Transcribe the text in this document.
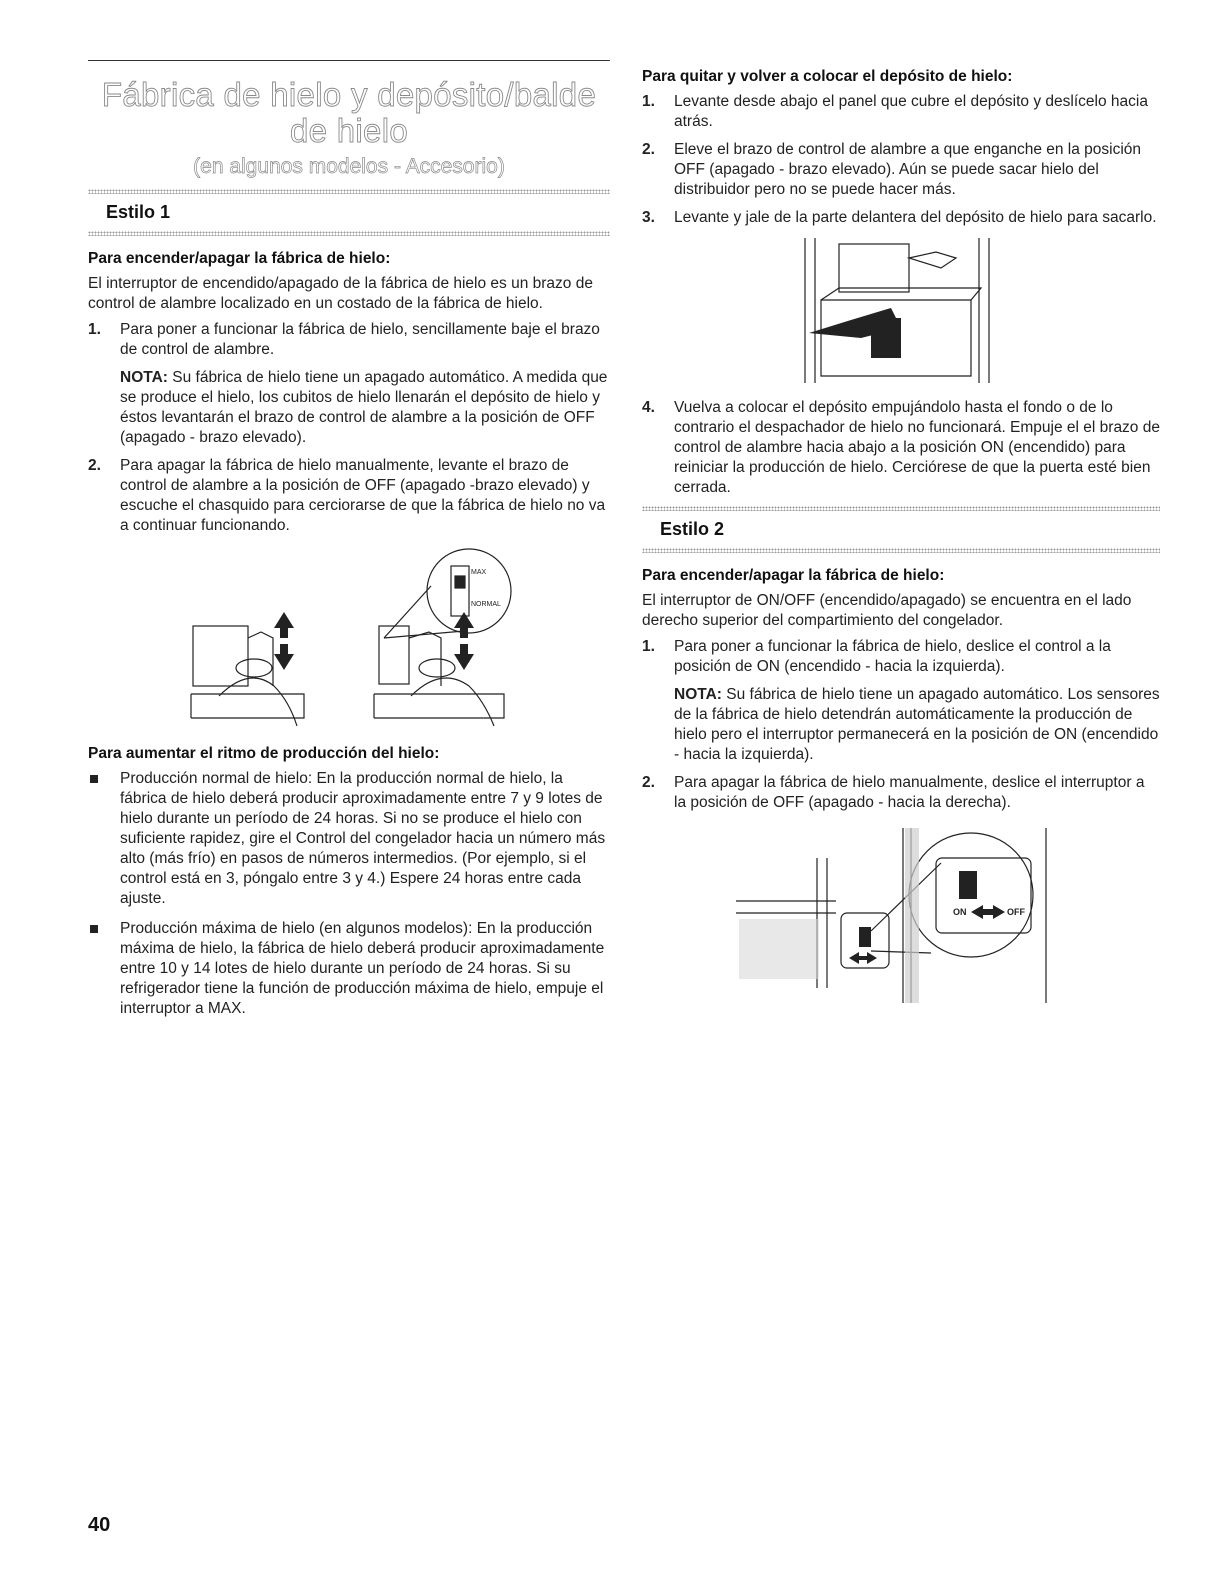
Fábrica de hielo y depósito/balde de hielo
(en algunos modelos - Accesorio)
Estilo 1
Para encender/apagar la fábrica de hielo:

El interruptor de encendido/apagado de la fábrica de hielo es un brazo de control de alambre localizado en un costado de la fábrica de hielo.

1. Para poner a funcionar la fábrica de hielo, sencillamente baje el brazo de control de alambre.
NOTA: Su fábrica de hielo tiene un apagado automático. A medida que se produce el hielo, los cubitos de hielo llenarán el depósito de hielo y éstos levantarán el brazo de control de alambre a la posición de OFF (apagado - brazo elevado).
2. Para apagar la fábrica de hielo manualmente, levante el brazo de control de alambre a la posición de OFF (apagado -brazo elevado) y escuche el chasquido para cerciorarse de que la fábrica de hielo no va a continuar funcionando.
MAX
NORMAL
Para aumentar el ritmo de producción del hielo:
Producción normal de hielo: En la producción normal de hielo, la fábrica de hielo deberá producir aproximadamente entre 7 y 9 lotes de hielo durante un período de 24 horas. Si no se produce el hielo con suficiente rapidez, gire el Control del congelador hacia un número más alto (más frío) en pasos de números intermedios. (Por ejemplo, si el control está en 3, póngalo entre 3 y 4.) Espere 24 horas entre cada ajuste.
Producción máxima de hielo (en algunos modelos): En la producción máxima de hielo, la fábrica de hielo deberá producir aproximadamente entre 10 y 14 lotes de hielo durante un período de 24 horas. Si su refrigerador tiene la función de producción máxima de hielo, empuje el interruptor a MAX.
Para quitar y volver a colocar el depósito de hielo:
1. Levante desde abajo el panel que cubre el depósito y deslícelo hacia atrás.
2. Eleve el brazo de control de alambre a que enganche en la posición OFF (apagado - brazo elevado). Aún se puede sacar hielo del distribuidor pero no se puede hacer más.
3. Levante y jale de la parte delantera del depósito de hielo para sacarlo.
4. Vuelva a colocar el depósito empujándolo hasta el fondo o de lo contrario el despachador de hielo no funcionará. Empuje el el brazo de control de alambre hacia abajo a la posición ON (encendido) para reiniciar la producción de hielo. Cerciórese de que la puerta esté bien cerrada.
Estilo 2
Para encender/apagar la fábrica de hielo:

El interruptor de ON/OFF (encendido/apagado) se encuentra en el lado derecho superior del compartimiento del congelador.

1. Para poner a funcionar la fábrica de hielo, deslice el control a la posición de ON (encendido - hacia la izquierda).
NOTA: Su fábrica de hielo tiene un apagado automático. Los sensores de la fábrica de hielo detendrán automáticamente la producción de hielo pero el interruptor permanecerá en la posición de ON (encendido - hacia la izquierda).
2. Para apagar la fábrica de hielo manualmente, deslice el interruptor a la posición de OFF (apagado - hacia la derecha).
ON	OFF
40
